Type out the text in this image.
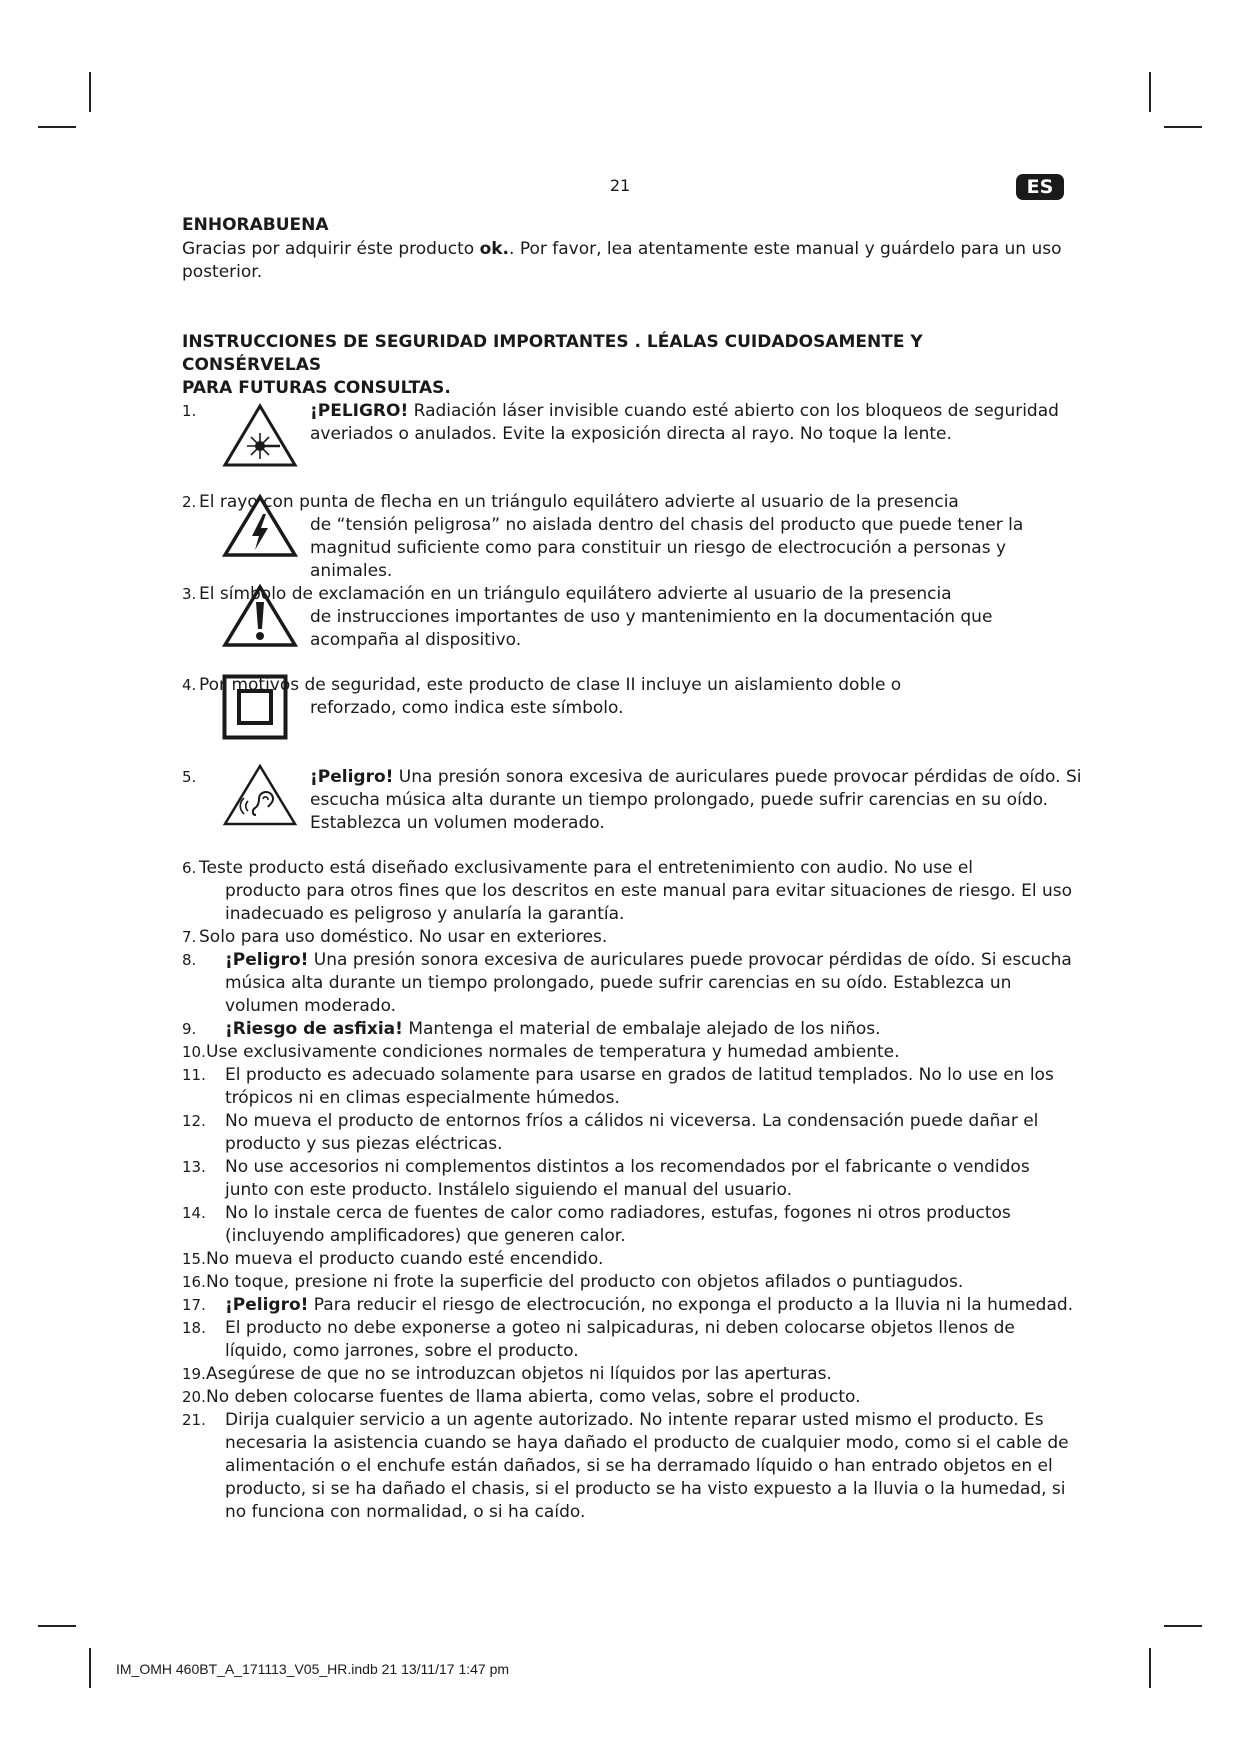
21	ES
ENHORABUENA

Gracias por adquirir éste producto ok.. Por favor, lea atentamente este manual y guárdelo para un uso posterior.

INSTRUCCIONES DE SEGURIDAD IMPORTANTES . LÉALAS CUIDADOSAMENTE Y CONSÉRVELAS
PARA FUTURAS CONSULTAS.
1.	¡PELIGRO! Radiación láser invisible cuando esté abierto con los bloqueos de seguridad
averiados o anulados. Evite la exposición directa al rayo. No toque la lente.
2. El rayo con punta de flecha en un triángulo equilátero advierte al usuario de la presencia
de “tensión peligrosa” no aislada dentro del chasis del producto que puede tener la
magnitud suficiente como para constituir un riesgo de electrocución a personas y
animales.
3. El símbolo de exclamación en un triángulo equilátero advierte al usuario de la presencia
de instrucciones importantes de uso y mantenimiento en la documentación que
acompaña al dispositivo.
4. Por motivos de seguridad, este producto de clase II incluye un aislamiento doble o
reforzado, como indica este símbolo.
5.	¡Peligro! Una presión sonora excesiva de auriculares puede provocar pérdidas de oído. Si
escucha música alta durante un tiempo prolongado, puede sufrir carencias en su oído.
Establezca un volumen moderado.
6. Teste producto está diseñado exclusivamente para el entretenimiento con audio. No use el
producto para otros fines que los descritos en este manual para evitar situaciones de riesgo. El uso
inadecuado es peligroso y anularía la garantía.
7. Solo para uso doméstico. No usar en exteriores.
8. ¡Peligro! Una presión sonora excesiva de auriculares puede provocar pérdidas de oído. Si escucha
música alta durante un tiempo prolongado, puede sufrir carencias en su oído. Establezca un
volumen moderado.
9. ¡Riesgo de asfixia! Mantenga el material de embalaje alejado de los niños.
10. Use exclusivamente condiciones normales de temperatura y humedad ambiente.
11. El producto es adecuado solamente para usarse en grados de latitud templados. No lo use en los
trópicos ni en climas especialmente húmedos.
12. No mueva el producto de entornos fríos a cálidos ni viceversa. La condensación puede dañar el
producto y sus piezas eléctricas.
13. No use accesorios ni complementos distintos a los recomendados por el fabricante o vendidos
junto con este producto. Instálelo siguiendo el manual del usuario.
14. No lo instale cerca de fuentes de calor como radiadores, estufas, fogones ni otros productos
(incluyendo amplificadores) que generen calor.
15. No mueva el producto cuando esté encendido.
16. No toque, presione ni frote la superficie del producto con objetos afilados o puntiagudos.
17. ¡Peligro! Para reducir el riesgo de electrocución, no exponga el producto a la lluvia ni la humedad.
18. El producto no debe exponerse a goteo ni salpicaduras, ni deben colocarse objetos llenos de
líquido, como jarrones, sobre el producto.
19. Asegúrese de que no se introduzcan objetos ni líquidos por las aperturas.
20. No deben colocarse fuentes de llama abierta, como velas, sobre el producto.
21. Dirija cualquier servicio a un agente autorizado. No intente reparar usted mismo el producto. Es
necesaria la asistencia cuando se haya dañado el producto de cualquier modo, como si el cable de
alimentación o el enchufe están dañados, si se ha derramado líquido o han entrado objetos en el
producto, si se ha dañado el chasis, si el producto se ha visto expuesto a la lluvia o la humedad, si
no funciona con normalidad, o si ha caído.
IM_OMH 460BT_A_171113_V05_HR.indb 21 13/11/17 1:47 pm
